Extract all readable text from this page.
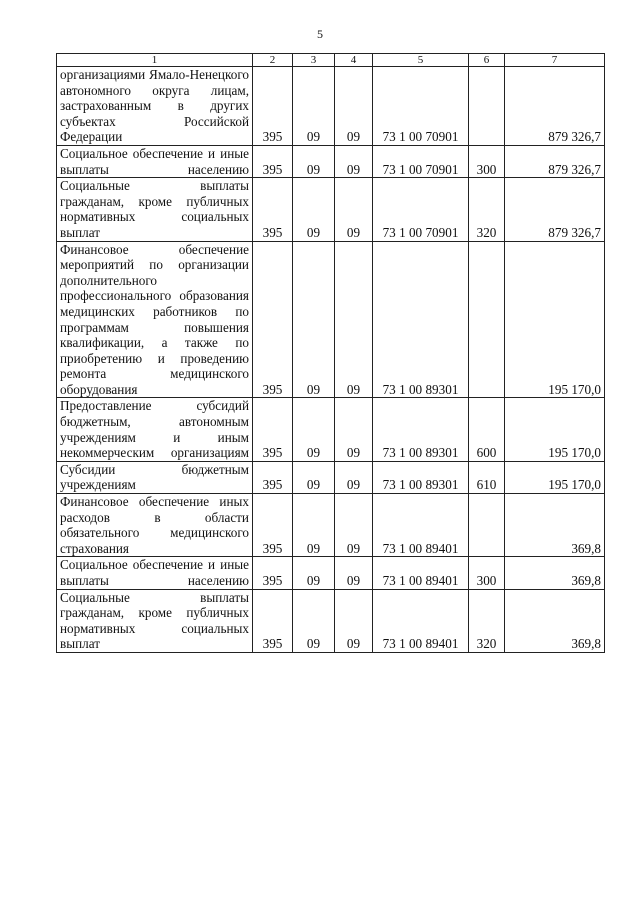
5
1	2	3	4	5	6	7
организациями Ямало-Ненецкого автономного округа лицам, застрахованным в других субъектах Российской Федерации	395	09	09	73 1 00 70901		879 326,7
Социальное обеспечение и иные выплаты населению	395	09	09	73 1 00 70901	300	879 326,7
Социальные выплаты гражданам, кроме публичных нормативных социальных выплат	395	09	09	73 1 00 70901	320	879 326,7
Финансовое обеспечение мероприятий по организации дополнительного профессионального образования медицинских работников по программам повышения квалификации, а также по приобретению и проведению ремонта медицинского оборудования	395	09	09	73 1 00 89301		195 170,0
Предоставление субсидий бюджетным, автономным учреждениям и иным некоммерческим организациям	395	09	09	73 1 00 89301	600	195 170,0
Субсидии бюджетным учреждениям	395	09	09	73 1 00 89301	610	195 170,0
Финансовое обеспечение иных расходов в области обязательного медицинского страхования	395	09	09	73 1 00 89401		369,8
Социальное обеспечение и иные выплаты населению	395	09	09	73 1 00 89401	300	369,8
Социальные выплаты гражданам, кроме публичных нормативных социальных выплат	395	09	09	73 1 00 89401	320	369,8
